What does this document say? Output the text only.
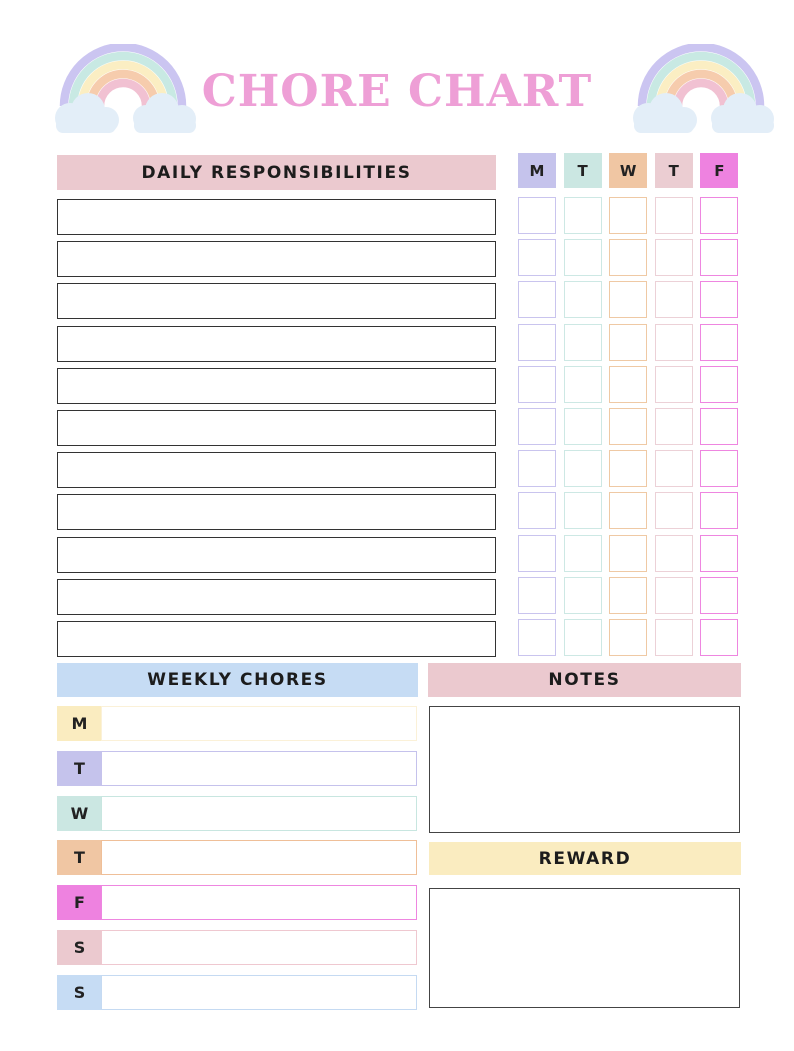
CHORE CHART
DAILY RESPONSIBILITIES	M	T	W	T	F
WEEKLY CHORES
M
T
W
T
F
S
S
NOTES
REWARD
